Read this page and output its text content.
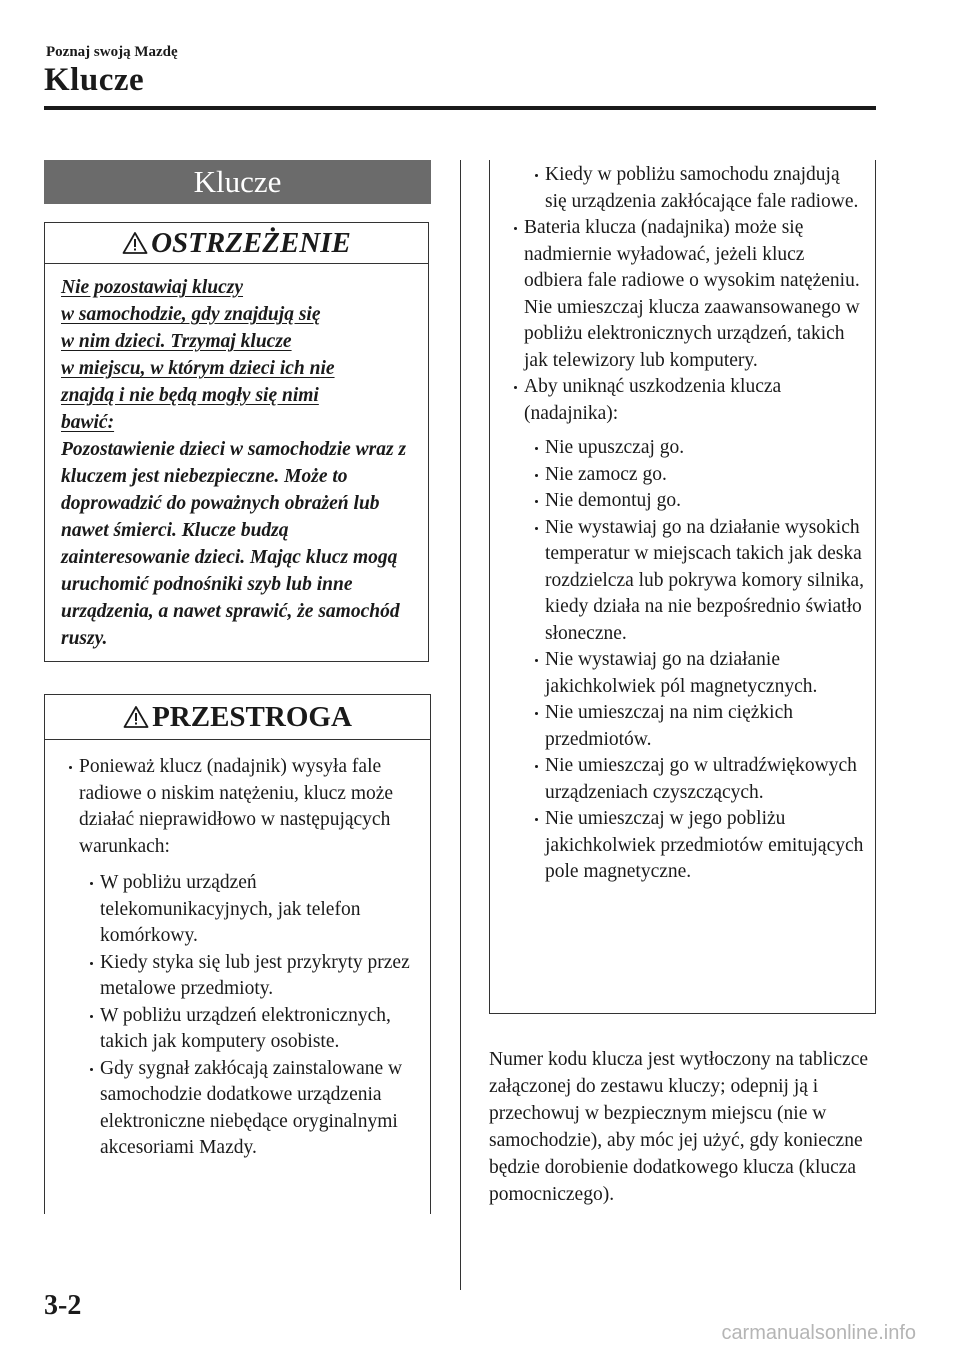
Poznaj swoją Mazdę
Klucze
Klucze
OSTRZEŻENIE
Nie pozostawiaj kluczy
w samochodzie, gdy znajdują się
w nim dzieci. Trzymaj klucze
w miejscu, w którym dzieci ich nie
znajdą i nie będą mogły się nimi
bawić:
Pozostawienie dzieci w samochodzie wraz z kluczem jest niebezpieczne. Może to doprowadzić do poważnych obrażeń lub nawet śmierci. Klucze budzą zainteresowanie dzieci. Mając klucz mogą uruchomić podnośniki szyb lub inne urządzenia, a nawet sprawić, że samochód ruszy.
PRZESTROGA
Ponieważ klucz (nadajnik) wysyła fale radiowe o niskim natężeniu, klucz może działać nieprawidłowo w następujących warunkach:
W pobliżu urządzeń telekomunikacyjnych, jak telefon komórkowy.
Kiedy styka się lub jest przykryty przez metalowe przedmioty.
W pobliżu urządzeń elektronicznych, takich jak komputery osobiste.
Gdy sygnał zakłócają zainstalowane w samochodzie dodatkowe urządzenia elektroniczne niebędące oryginalnymi akcesoriami Mazdy.
Kiedy w pobliżu samochodu znajdują się urządzenia zakłócające fale radiowe.
Bateria klucza (nadajnika) może się nadmiernie wyładować, jeżeli klucz odbiera fale radiowe o wysokim natężeniu. Nie umieszczaj klucza zaawansowanego w pobliżu elektronicznych urządzeń, takich jak telewizory lub komputery.
Aby uniknąć uszkodzenia klucza (nadajnika):
Nie upuszczaj go.
Nie zamocz go.
Nie demontuj go.
Nie wystawiaj go na działanie wysokich temperatur w miejscach takich jak deska rozdzielcza lub pokrywa komory silnika, kiedy działa na nie bezpośrednio światło słoneczne.
Nie wystawiaj go na działanie jakichkolwiek pól magnetycznych.
Nie umieszczaj na nim ciężkich przedmiotów.
Nie umieszczaj go w ultradźwiękowych urządzeniach czyszczących.
Nie umieszczaj w jego pobliżu jakichkolwiek przedmiotów emitujących pole magnetyczne.

Numer kodu klucza jest wytłoczony na tabliczce załączonej do zestawu kluczy; odepnij ją i przechowuj w bezpiecznym miejscu (nie w samochodzie), aby móc jej użyć, gdy konieczne będzie dorobienie dodatkowego klucza (klucza pomocniczego).

3-2
carmanualsonline.info
